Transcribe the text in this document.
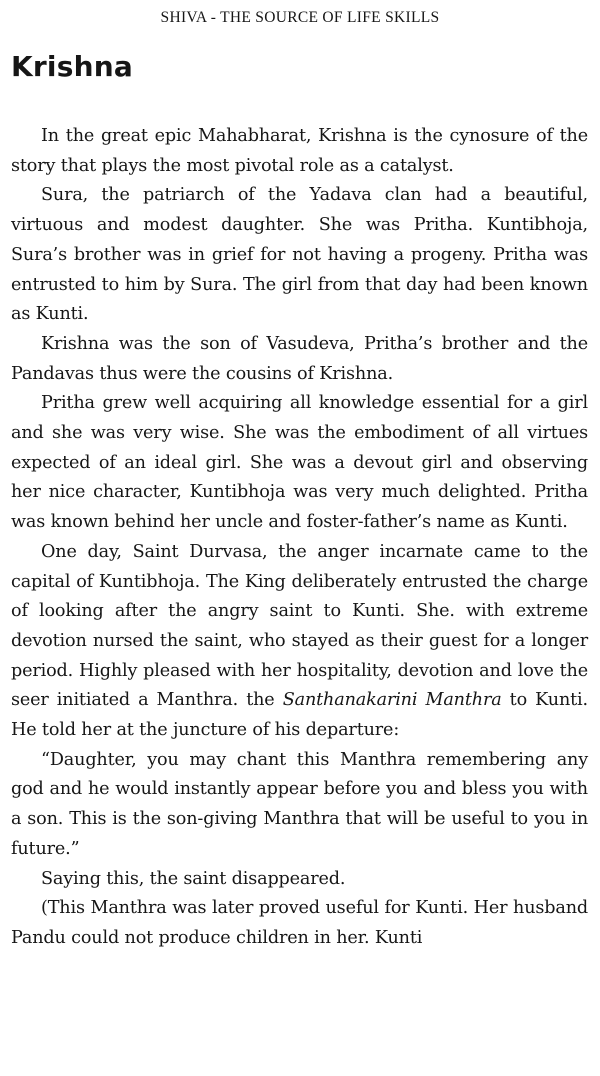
SHIVA - THE SOURCE OF LIFE SKILLS
Krishna

In the great epic Mahabharat, Krishna is the cynosure of the story that plays the most pivotal role as a catalyst.

Sura, the patriarch of the Yadava clan had a beautiful, virtuous and modest daughter. She was Pritha. Kuntibhoja, Sura’s brother was in grief for not having a progeny. Pritha was entrusted to him by Sura. The girl from that day had been known as Kunti.

Krishna was the son of Vasudeva, Pritha’s brother and the Pandavas thus were the cousins of Krishna.

Pritha grew well acquiring all knowledge essential for a girl and she was very wise. She was the embodiment of all virtues expected of an ideal girl. She was a devout girl and observing her nice character, Kuntibhoja was very much delighted. Pritha was known behind her uncle and foster-father’s name as Kunti.

One day, Saint Durvasa, the anger incarnate came to the capital of Kuntibhoja. The King deliberately entrusted the charge of looking after the angry saint to Kunti. She. with extreme devotion nursed the saint, who stayed as their guest for a longer period. Highly pleased with her hospitality, devotion and love the seer initiated a Manthra. the Santhanakarini Manthra to Kunti. He told her at the juncture of his departure:

“Daughter, you may chant this Manthra remembering any god and he would instantly appear before you and bless you with a son. This is the son-giving Manthra that will be useful to you in future.”

Saying this, the saint disappeared.

(This Manthra was later proved useful for Kunti. Her husband Pandu could not produce children in her. Kunti
